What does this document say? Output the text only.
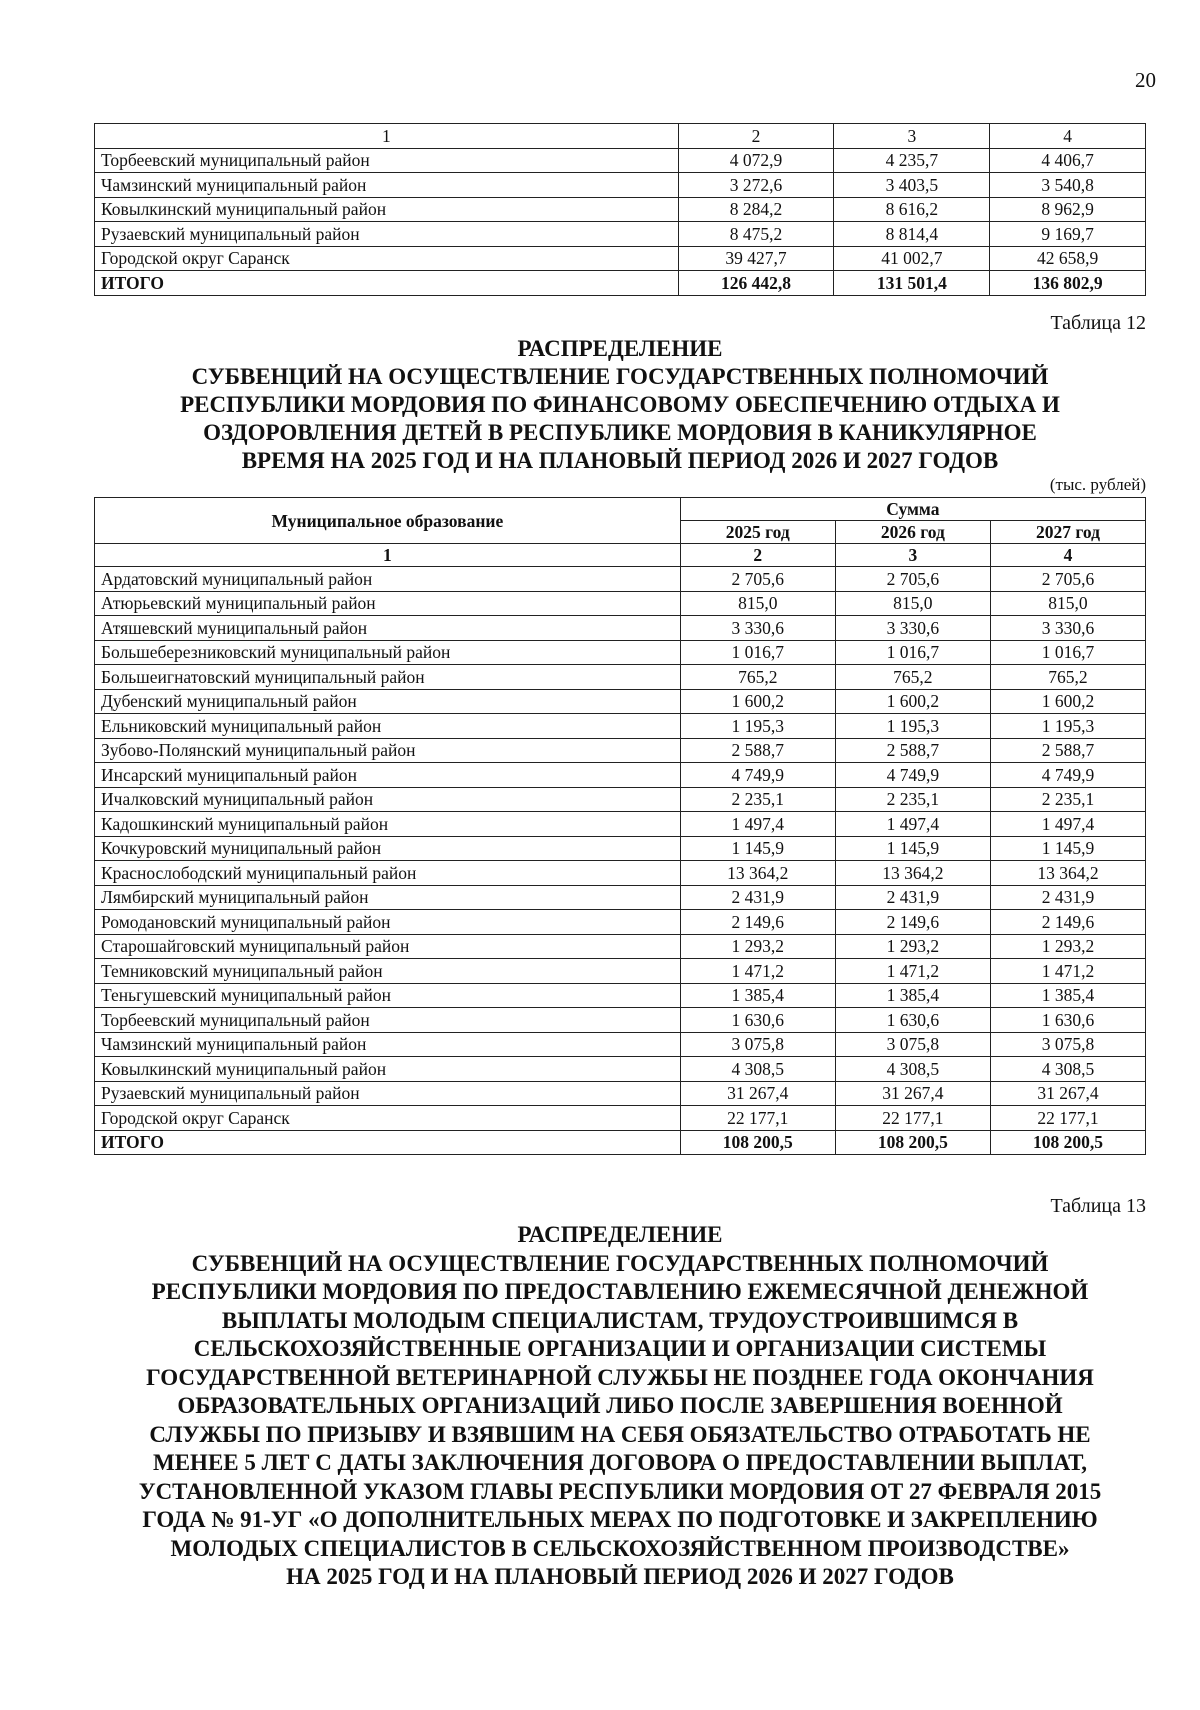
20
1	2	3	4
Торбеевский муниципальный район	4 072,9	4 235,7	4 406,7
Чамзинский муниципальный район	3 272,6	3 403,5	3 540,8
Ковылкинский муниципальный район	8 284,2	8 616,2	8 962,9
Рузаевский муниципальный район	8 475,2	8 814,4	9 169,7
Городской округ Саранск	39 427,7	41 002,7	42 658,9
ИТОГО	126 442,8	131 501,4	136 802,9
Таблица 12
РАСПРЕДЕЛЕНИЕ
СУБВЕНЦИЙ НА ОСУЩЕСТВЛЕНИЕ ГОСУДАРСТВЕННЫХ ПОЛНОМОЧИЙ
РЕСПУБЛИКИ МОРДОВИЯ ПО ФИНАНСОВОМУ ОБЕСПЕЧЕНИЮ ОТДЫХА И
ОЗДОРОВЛЕНИЯ ДЕТЕЙ В РЕСПУБЛИКЕ МОРДОВИЯ В КАНИКУЛЯРНОЕ
ВРЕМЯ НА 2025 ГОД И НА ПЛАНОВЫЙ ПЕРИОД 2026 И 2027 ГОДОВ
(тыс. рублей)
Муниципальное образование	Сумма		
	2025 год	2026 год	2027 год
1	2	3	4
Ардатовский муниципальный район	2 705,6	2 705,6	2 705,6
Атюрьевский муниципальный район	815,0	815,0	815,0
Атяшевский муниципальный район	3 330,6	3 330,6	3 330,6
Большеберезниковский муниципальный район	1 016,7	1 016,7	1 016,7
Большеигнатовский муниципальный район	765,2	765,2	765,2
Дубенский муниципальный район	1 600,2	1 600,2	1 600,2
Ельниковский муниципальный район	1 195,3	1 195,3	1 195,3
Зубово-Полянский муниципальный район	2 588,7	2 588,7	2 588,7
Инсарский муниципальный район	4 749,9	4 749,9	4 749,9
Ичалковский муниципальный район	2 235,1	2 235,1	2 235,1
Кадошкинский муниципальный район	1 497,4	1 497,4	1 497,4
Кочкуровский муниципальный район	1 145,9	1 145,9	1 145,9
Краснослободский муниципальный район	13 364,2	13 364,2	13 364,2
Лямбирский муниципальный район	2 431,9	2 431,9	2 431,9
Ромодановский муниципальный район	2 149,6	2 149,6	2 149,6
Старошайговский муниципальный район	1 293,2	1 293,2	1 293,2
Темниковский муниципальный район	1 471,2	1 471,2	1 471,2
Теньгушевский муниципальный район	1 385,4	1 385,4	1 385,4
Торбеевский муниципальный район	1 630,6	1 630,6	1 630,6
Чамзинский муниципальный район	3 075,8	3 075,8	3 075,8
Ковылкинский муниципальный район	4 308,5	4 308,5	4 308,5
Рузаевский муниципальный район	31 267,4	31 267,4	31 267,4
Городской округ Саранск	22 177,1	22 177,1	22 177,1
ИТОГО	108 200,5	108 200,5	108 200,5
Таблица 13
РАСПРЕДЕЛЕНИЕ
СУБВЕНЦИЙ НА ОСУЩЕСТВЛЕНИЕ ГОСУДАРСТВЕННЫХ ПОЛНОМОЧИЙ
РЕСПУБЛИКИ МОРДОВИЯ ПО ПРЕДОСТАВЛЕНИЮ ЕЖЕМЕСЯЧНОЙ ДЕНЕЖНОЙ
ВЫПЛАТЫ МОЛОДЫМ СПЕЦИАЛИСТАМ, ТРУДОУСТРОИВШИМСЯ В
СЕЛЬСКОХОЗЯЙСТВЕННЫЕ ОРГАНИЗАЦИИ И ОРГАНИЗАЦИИ СИСТЕМЫ
ГОСУДАРСТВЕННОЙ ВЕТЕРИНАРНОЙ СЛУЖБЫ НЕ ПОЗДНЕЕ ГОДА ОКОНЧАНИЯ
ОБРАЗОВАТЕЛЬНЫХ ОРГАНИЗАЦИЙ ЛИБО ПОСЛЕ ЗАВЕРШЕНИЯ ВОЕННОЙ
СЛУЖБЫ ПО ПРИЗЫВУ И ВЗЯВШИМ НА СЕБЯ ОБЯЗАТЕЛЬСТВО ОТРАБОТАТЬ НЕ
МЕНЕЕ 5 ЛЕТ С ДАТЫ ЗАКЛЮЧЕНИЯ ДОГОВОРА О ПРЕДОСТАВЛЕНИИ ВЫПЛАТ,
УСТАНОВЛЕННОЙ УКАЗОМ ГЛАВЫ РЕСПУБЛИКИ МОРДОВИЯ ОТ 27 ФЕВРАЛЯ 2015
ГОДА № 91-УГ «О ДОПОЛНИТЕЛЬНЫХ МЕРАХ ПО ПОДГОТОВКЕ И ЗАКРЕПЛЕНИЮ
МОЛОДЫХ СПЕЦИАЛИСТОВ В СЕЛЬСКОХОЗЯЙСТВЕННОМ ПРОИЗВОДСТВЕ»
НА 2025 ГОД И НА ПЛАНОВЫЙ ПЕРИОД 2026 И 2027 ГОДОВ
